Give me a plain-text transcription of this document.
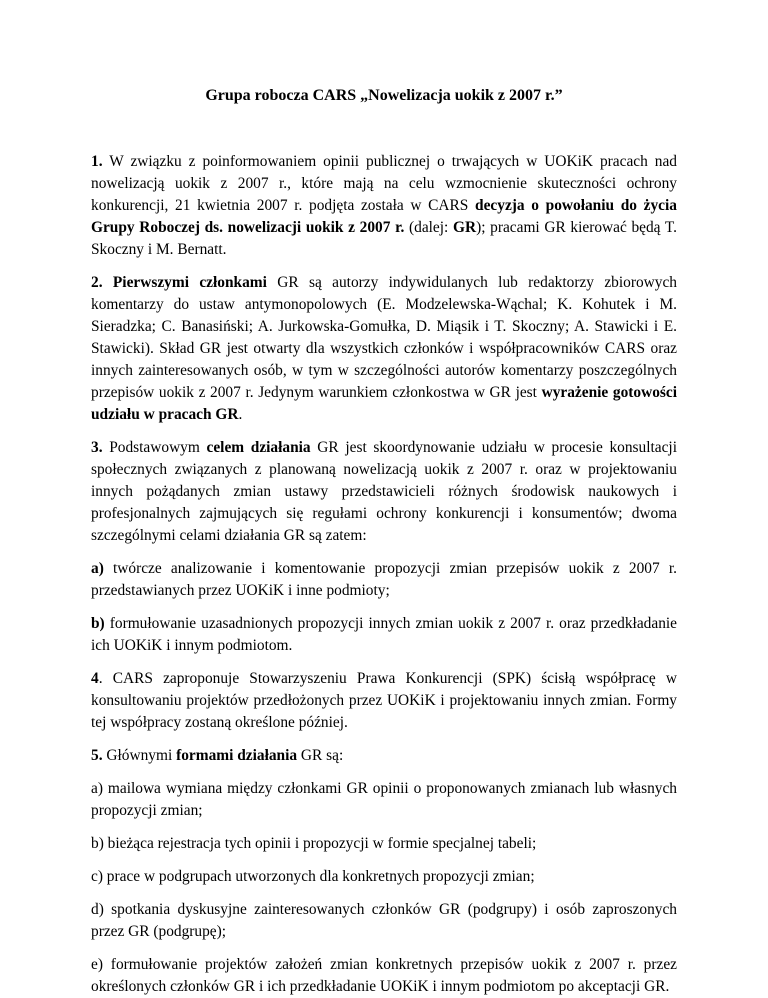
Grupa robocza CARS „Nowelizacja uokik z 2007 r.”

1. W związku z poinformowaniem opinii publicznej o trwających w UOKiK pracach nad nowelizacją uokik z 2007 r., które mają na celu wzmocnienie skuteczności ochrony konkurencji, 21 kwietnia 2007 r. podjęta została w CARS decyzja o powołaniu do życia Grupy Roboczej ds. nowelizacji uokik z 2007 r. (dalej: GR); pracami GR kierować będą T. Skoczny i M. Bernatt.

2. Pierwszymi członkami GR są autorzy indywidulanych lub redaktorzy zbiorowych komentarzy do ustaw antymonopolowych (E. Modzelewska-Wąchal; K. Kohutek i M. Sieradzka; C. Banasiński; A. Jurkowska-Gomułka, D. Miąsik i T. Skoczny; A. Stawicki i E. Stawicki). Skład GR jest otwarty dla wszystkich członków i współpracowników CARS oraz innych zainteresowanych osób, w tym w szczególności autorów komentarzy poszczególnych przepisów uokik z 2007 r. Jedynym warunkiem członkostwa w GR jest wyrażenie gotowości udziału w pracach GR.

3. Podstawowym celem działania GR jest skoordynowanie udziału w procesie konsultacji społecznych związanych z planowaną nowelizacją uokik z 2007 r. oraz w projektowaniu innych pożądanych zmian ustawy przedstawicieli różnych środowisk naukowych i profesjonalnych zajmujących się regułami ochrony konkurencji i konsumentów; dwoma szczególnymi celami działania GR są zatem:

a) twórcze analizowanie i komentowanie propozycji zmian przepisów uokik z 2007 r. przedstawianych przez UOKiK i inne podmioty;

b) formułowanie uzasadnionych propozycji innych zmian uokik z 2007 r. oraz przedkładanie ich UOKiK i innym podmiotom.

4. CARS zaproponuje Stowarzyszeniu Prawa Konkurencji (SPK) ścisłą współpracę w konsultowaniu projektów przedłożonych przez UOKiK i projektowaniu innych zmian. Formy tej współpracy zostaną określone później.

5. Głównymi formami działania GR są:

a) mailowa wymiana między członkami GR opinii o proponowanych zmianach lub własnych propozycji zmian;

b) bieżąca rejestracja tych opinii i propozycji w formie specjalnej tabeli;

c) prace w podgrupach utworzonych dla konkretnych propozycji zmian;

d) spotkania dyskusyjne zainteresowanych członków GR (podgrupy) i osób zaproszonych przez GR (podgrupę);

e) formułowanie projektów założeń zmian konkretnych przepisów uokik z 2007 r. przez określonych członków GR i ich przedkładanie UOKiK i innym podmiotom po akceptacji GR.
